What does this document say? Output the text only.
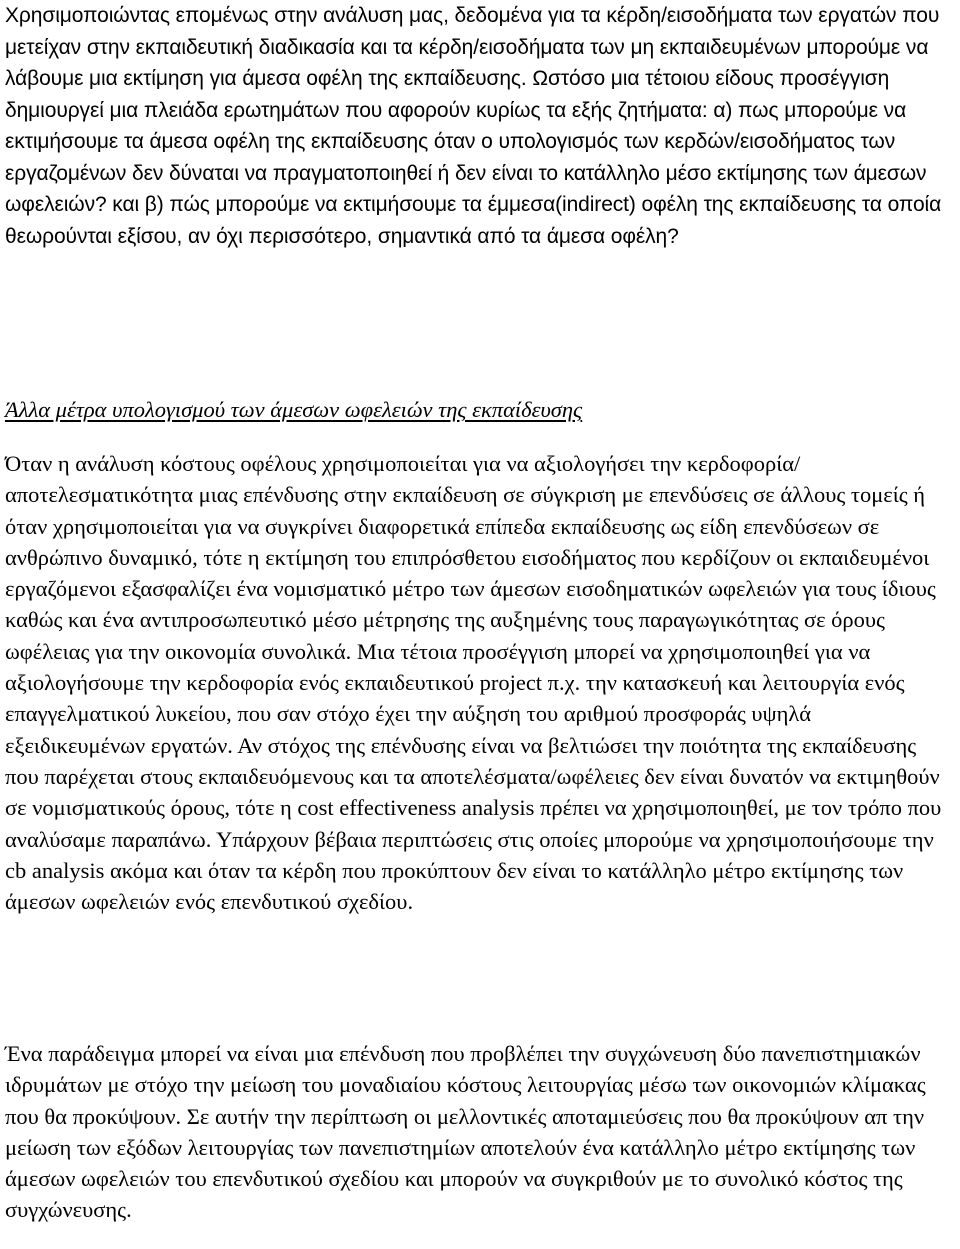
Χρησιμοποιώντας επομένως στην ανάλυση μας, δεδομένα για τα κέρδη/εισοδήματα των εργατών που μετείχαν στην εκπαιδευτική διαδικασία και τα κέρδη/εισοδήματα των μη εκπαιδευμένων μπορούμε να λάβουμε μια εκτίμηση για άμεσα οφέλη της εκπαίδευσης. Ωστόσο μια τέτοιου είδους προσέγγιση δημιουργεί μια πλειάδα ερωτημάτων που αφορούν κυρίως τα εξής ζητήματα: α) πως μπορούμε να εκτιμήσουμε τα άμεσα οφέλη της εκπαίδευσης όταν ο υπολογισμός των κερδών/εισοδήματος των εργαζομένων δεν δύναται να πραγματοποιηθεί ή δεν είναι το κατάλληλο μέσο εκτίμησης των άμεσων ωφελειών? και β) πώς μπορούμε να εκτιμήσουμε τα έμμεσα(indirect) οφέλη της εκπαίδευσης τα οποία θεωρούνται εξίσου, αν όχι περισσότερο, σημαντικά από τα άμεσα οφέλη?

Άλλα μέτρα υπολογισμού των άμεσων ωφελειών της εκπαίδευσης

Όταν η ανάλυση κόστους οφέλους χρησιμοποιείται για να αξιολογήσει την κερδοφορία/αποτελεσματικότητα μιας επένδυσης στην εκπαίδευση σε σύγκριση με επενδύσεις σε άλλους τομείς ή όταν χρησιμοποιείται για να συγκρίνει διαφορετικά επίπεδα εκπαίδευσης ως είδη επενδύσεων σε ανθρώπινο δυναμικό, τότε η εκτίμηση του επιπρόσθετου εισοδήματος που κερδίζουν οι εκπαιδευμένοι εργαζόμενοι εξασφαλίζει ένα νομισματικό μέτρο των άμεσων εισοδηματικών ωφελειών για τους ίδιους καθώς και ένα αντιπροσωπευτικό μέσο μέτρησης της αυξημένης τους παραγωγικότητας σε όρους ωφέλειας για την οικονομία συνολικά. Μια τέτοια προσέγγιση μπορεί να χρησιμοποιηθεί για να αξιολογήσουμε την κερδοφορία ενός εκπαιδευτικού project π.χ. την κατασκευή και λειτουργία ενός επαγγελματικού λυκείου, που σαν στόχο έχει την αύξηση του αριθμού προσφοράς υψηλά εξειδικευμένων εργατών. Αν στόχος της επένδυσης είναι να βελτιώσει την ποιότητα της εκπαίδευσης που παρέχεται στους εκπαιδευόμενους και τα αποτελέσματα/ωφέλειες δεν είναι δυνατόν να εκτιμηθούν σε νομισματικούς όρους, τότε η cost effectiveness analysis πρέπει να χρησιμοποιηθεί, με τον τρόπο που αναλύσαμε παραπάνω. Υπάρχουν βέβαια περιπτώσεις στις οποίες μπορούμε να χρησιμοποιήσουμε την cb analysis ακόμα και όταν τα κέρδη που προκύπτουν δεν είναι το κατάλληλο μέτρο εκτίμησης των άμεσων ωφελειών ενός επενδυτικού σχεδίου.

Ένα παράδειγμα μπορεί να είναι μια επένδυση που προβλέπει την συγχώνευση δύο πανεπιστημιακών ιδρυμάτων με στόχο την μείωση του μοναδιαίου κόστους λειτουργίας μέσω των οικονομιών κλίμακας που θα προκύψουν. Σε αυτήν την περίπτωση οι μελλοντικές αποταμιεύσεις που θα προκύψουν απ την μείωση των εξόδων λειτουργίας των πανεπιστημίων αποτελούν ένα κατάλληλο μέτρο εκτίμησης των άμεσων ωφελειών του επενδυτικού σχεδίου και μπορούν να συγκριθούν με το συνολικό κόστος της συγχώνευσης.
